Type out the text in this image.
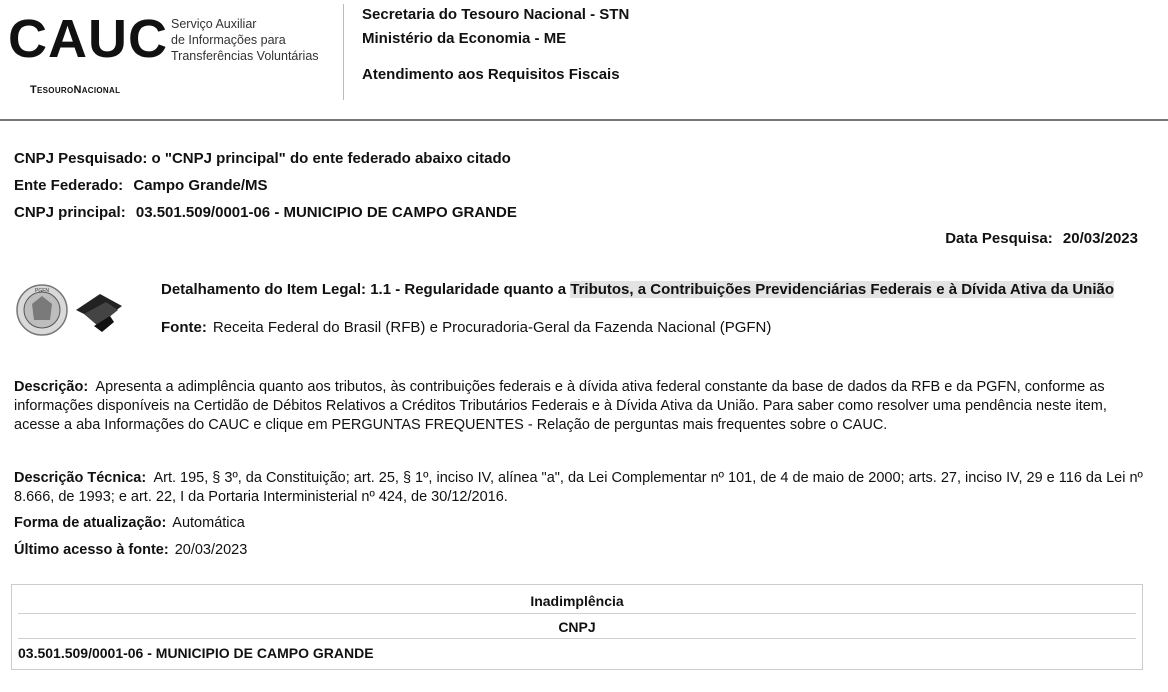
CAUC Serviço Auxiliar
de Informações para
Transferências Voluntárias
TesouroNacional
Secretaria do Tesouro Nacional - STN
Ministério da Economia - ME
Atendimento aos Requisitos Fiscais
CNPJ Pesquisado: o "CNPJ principal" do ente federado abaixo citado
Ente Federado: Campo Grande/MS
CNPJ principal: 03.501.509/0001-06 - MUNICIPIO DE CAMPO GRANDE
Data Pesquisa: 20/03/2023
PGFN	Detalhamento do Item Legal: 1.1 - Regularidade quanto a Tributos, a Contribuições Previdenciárias Federais e à Dívida Ativa da União
Fonte: Receita Federal do Brasil (RFB) e Procuradoria-Geral da Fazenda Nacional (PGFN)
Descrição: Apresenta a adimplência quanto aos tributos, às contribuições federais e à dívida ativa federal constante da base de dados da RFB e da PGFN, conforme as informações disponíveis na Certidão de Débitos Relativos a Créditos Tributários Federais e à Dívida Ativa da União. Para saber como resolver uma pendência neste item, acesse a aba Informações do CAUC e clique em PERGUNTAS FREQUENTES - Relação de perguntas mais frequentes sobre o CAUC.
Descrição Técnica: Art. 195, § 3º, da Constituição; art. 25, § 1º, inciso IV, alínea "a", da Lei Complementar nº 101, de 4 de maio de 2000; arts. 27, inciso IV, 29 e 116 da Lei nº 8.666, de 1993; e art. 22, I da Portaria Interministerial nº 424, de 30/12/2016.
Forma de atualização: Automática
Último acesso à fonte: 20/03/2023
Inadimplência
CNPJ
03.501.509/0001-06 - MUNICIPIO DE CAMPO GRANDE
